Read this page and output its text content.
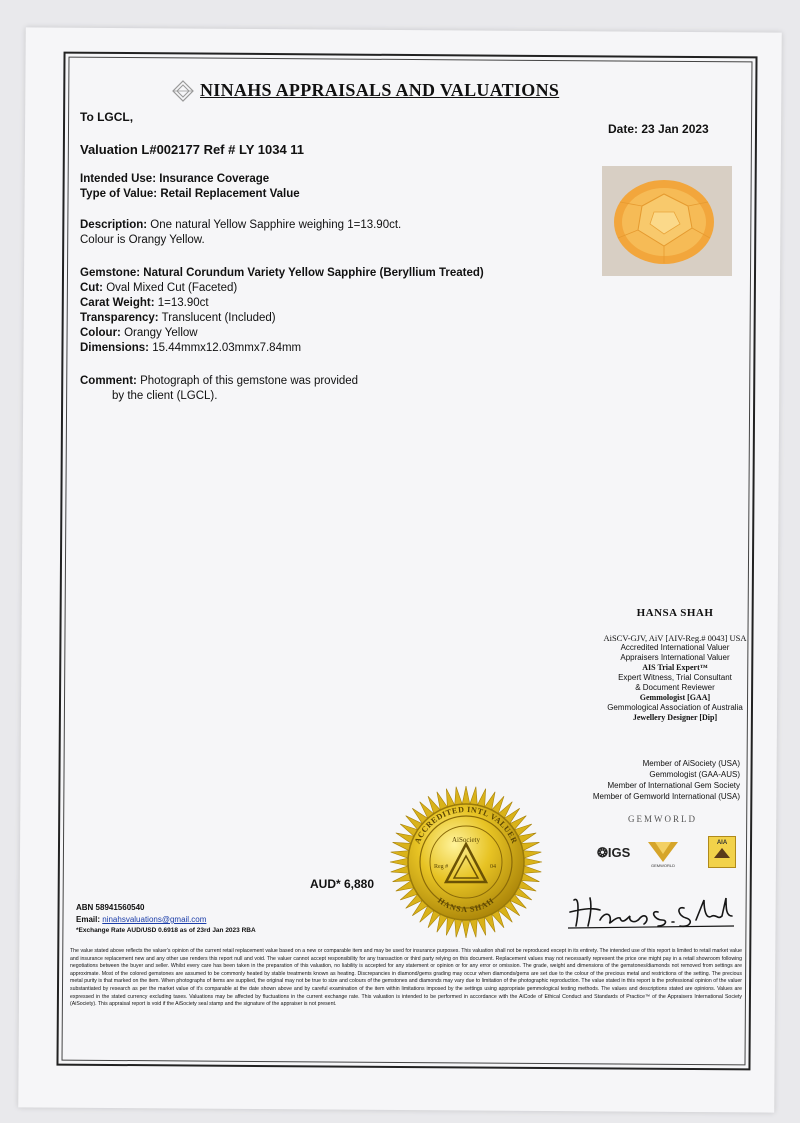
NINAHS APPRAISALS AND VALUATIONS
To LGCL,
Date: 23 Jan 2023
Valuation L#002177 Ref # LY 1034 11
Intended Use: Insurance Coverage
Type of Value: Retail Replacement Value
Description: One natural Yellow Sapphire weighing 1=13.90ct.
Colour is Orangy Yellow.
Gemstone: Natural Corundum Variety Yellow Sapphire (Beryllium Treated)
Cut: Oval Mixed Cut (Faceted)
Carat Weight: 1=13.90ct
Transparency: Translucent (Included)
Colour: Orangy Yellow
Dimensions: 15.44mmx12.03mmx7.84mm
Comment: Photograph of this gemstone was provided
by the client (LGCL).
HANSA SHAH
AiSCV-GJV, AiV [AIV-Reg.# 0043] USA
Accredited International Valuer
Appraisers International Valuer
AIS Trial Expert™
Expert Witness, Trial Consultant
& Document Reviewer
Gemmologist [GAA]
Gemmological Association of Australia
Jewellery Designer [Dip]
Member of AiSociety (USA)
Gemmologist (GAA-AUS)
Member of International Gem Society
Member of Gemworld International (USA)
GEMWORLD
❂IGS
GEMWORLD
AIA
AUD* 6,880
ACCREDITED INTL VALUER
HANSA SHAH
AiSociety
Reg #	04
ABN 58941560540
Email: ninahsvaluations@gmail.com
*Exchange Rate AUD/USD 0.6918 as of 23rd Jan 2023 RBA
The value stated above reflects the valuer's opinion of the current retail replacement value based on a new or comparable item and may be used for insurance purposes. This valuation shall not be reproduced except in its entirety. The intended use of this report is limited to retail market value and insurance replacement new and any other use renders this report null and void. The valuer cannot accept responsibility for any transaction or third party relying on this document. Replacement values may not necessarily represent the price one might pay in a retail showroom following negotiations between the buyer and seller. Whilst every care has been taken in the preparation of this valuation, no liability is accepted for any statement or opinion or for any error or omission. The grade, weight and dimensions of the gemstones/diamonds not removed from settings are approximate. Most of the colored gemstones are assumed to be commonly heated by stable treatments known as heating. Discrepancies in diamond/gems grading may occur when diamonds/gems are set due to the colour of the precious metal and restrictions of the setting. The precious metal purity is that marked on the item. When photographs of items are supplied, the original may not be true to size and colours of the gemstones and diamonds may vary due to limitation of the photographic reproduction. The value stated in this report is the professional opinion of the valuer substantiated by research as per the market value of it's comparable at the date shown above and by careful examination of the item within limitations imposed by the settings using appropriate gemmological testing methods. The values and descriptions stated are opinions. Values are expressed in the stated currency excluding taxes. Valuations may be affected by fluctuations in the current exchange rate. This valuation is intended to be performed in accordance with the AiCode of Ethical Conduct and Standards of Practice™ of the Appraisers International Society (AiSociety). This appraisal report is void if the AiSociety seal stamp and the signature of the appraiser is not present.
